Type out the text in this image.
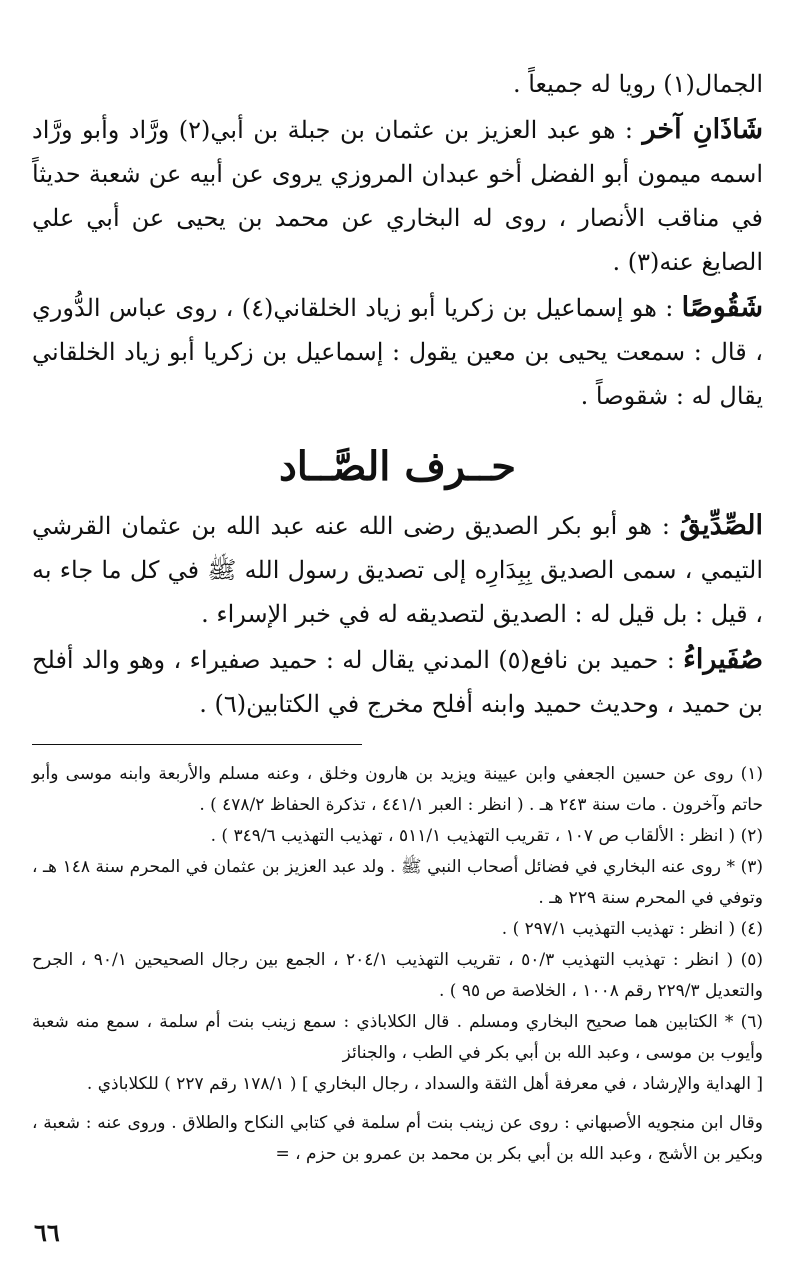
الجمال(١) رويا له جميعاً .

شَاذَانِ آخر : هو عبد العزيز بن عثمان بن جبلة بن أبي(٢) ورَّاد وأبو ورَّاد اسمه ميمون أبو الفضل أخو عبدان المروزي يروى عن أبيه عن شعبة حديثاً في مناقب الأنصار ، روى له البخاري عن محمد بن يحيى عن أبي علي الصايغ عنه(٣) .

شَقُوصًا : هو إسماعيل بن زكريا أبو زياد الخلقاني(٤) ، روى عباس الدُّوري ، قال : سمعت يحيى بن معين يقول : إسماعيل بن زكريا أبو زياد الخلقاني يقال له : شقوصاً .

حــرف الصَّــاد

الصِّدِّيقُ : هو أبو بكر الصديق رضى الله عنه عبد الله بن عثمان القرشي التيمي ، سمى الصديق بِبِدَارِه إلى تصديق رسول الله ﷺ في كل ما جاء به ، قيل : بل قيل له : الصديق لتصديقه له في خبر الإسراء .

صُفَيراءُ : حميد بن نافع(٥) المدني يقال له : حميد صفيراء ، وهو والد أفلح بن حميد ، وحديث حميد وابنه أفلح مخرج في الكتابين(٦) .

(١) روى عن حسين الجعفي وابن عيينة ويزيد بن هارون وخلق ، وعنه مسلم والأربعة وابنه موسى وأبو حاتم وآخرون . مات سنة ٢٤٣ هـ . ( انظر : العبر ٤٤١/١ ، تذكرة الحفاظ ٤٧٨/٢ ) .

(٢) ( انظر : الألقاب ص ١٠٧ ، تقريب التهذيب ٥١١/١ ، تهذيب التهذيب ٣٤٩/٦ ) .

(٣) * روى عنه البخاري في فضائل أصحاب النبي ﷺ . ولد عبد العزيز بن عثمان في المحرم سنة ١٤٨ هـ ، وتوفي في المحرم سنة ٢٢٩ هـ .

(٤) ( انظر : تهذيب التهذيب ٢٩٧/١ ) .

(٥) ( انظر : تهذيب التهذيب ٥٠/٣ ، تقريب التهذيب ٢٠٤/١ ، الجمع بين رجال الصحيحين ٩٠/١ ، الجرح والتعديل ٢٢٩/٣ رقم ١٠٠٨ ، الخلاصة ص ٩٥ ) .

(٦) * الكتابين هما صحيح البخاري ومسلم . قال الكلاباذي : سمع زينب بنت أم سلمة ، سمع منه شعبة وأيوب بن موسى ، وعبد الله بن أبي بكر في الطب ، والجنائز

[ الهداية والإرشاد ، في معرفة أهل الثقة والسداد ، رجال البخاري ] ( ١٧٨/١ رقم ٢٢٧ ) للكلاباذي .

وقال ابن منجويه الأصبهاني : روى عن زينب بنت أم سلمة في كتابي النكاح والطلاق . وروى عنه : شعبة ، وبكير بن الأشج ، وعبد الله بن أبي بكر بن محمد بن عمرو بن حزم ، =

٦٦
